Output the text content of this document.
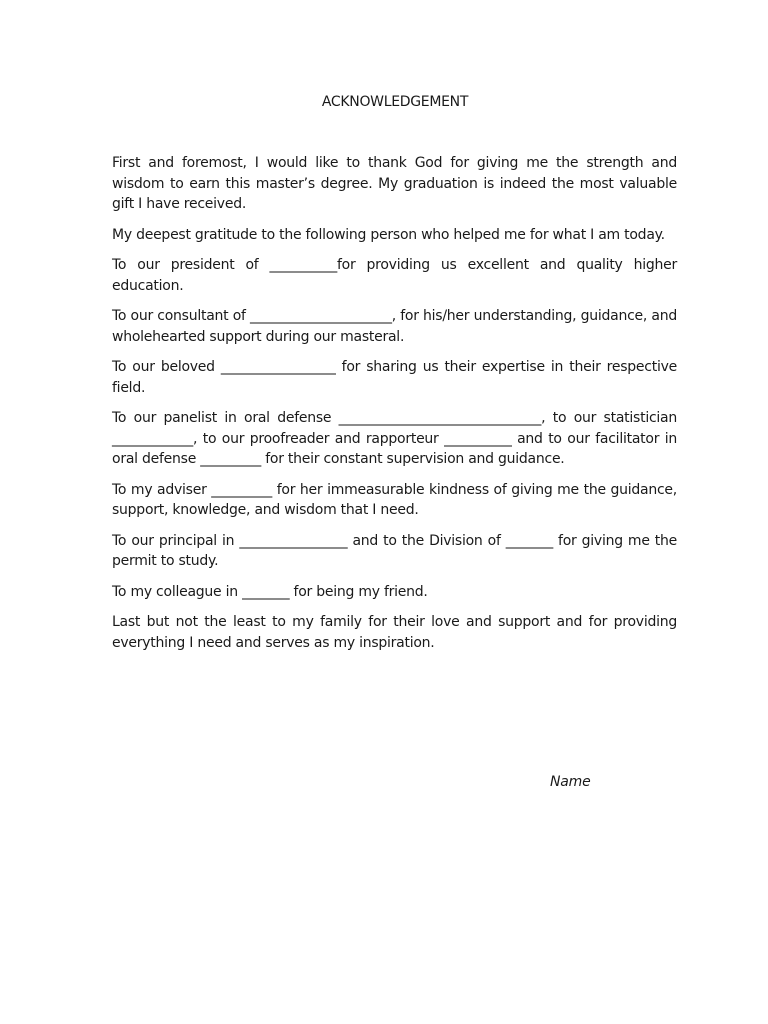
ACKNOWLEDGEMENT

First and foremost, I would like to thank God for giving me the strength and wisdom to earn this master’s degree. My graduation is indeed the most valuable gift I have received.

My deepest gratitude to the following person who helped me for what I am today.

To our president of __________for providing us excellent and quality higher education.

To our consultant of _____________________, for his/her understanding, guidance, and wholehearted support during our masteral.

To our beloved _________________ for sharing us their expertise in their respective field.

To our panelist in oral defense ______________________________, to our statistician ____________, to our proofreader and rapporteur __________ and to our facilitator in oral defense _________ for their constant supervision and guidance.

To my adviser _________ for her immeasurable kindness of giving me the guidance, support, knowledge, and wisdom that I need.

To our principal in ________________ and to the Division of _______ for giving me the permit to study.

To my colleague in _______ for being my friend.

Last but not the least to my family for their love and support and for providing everything I need and serves as my inspiration.

Name
